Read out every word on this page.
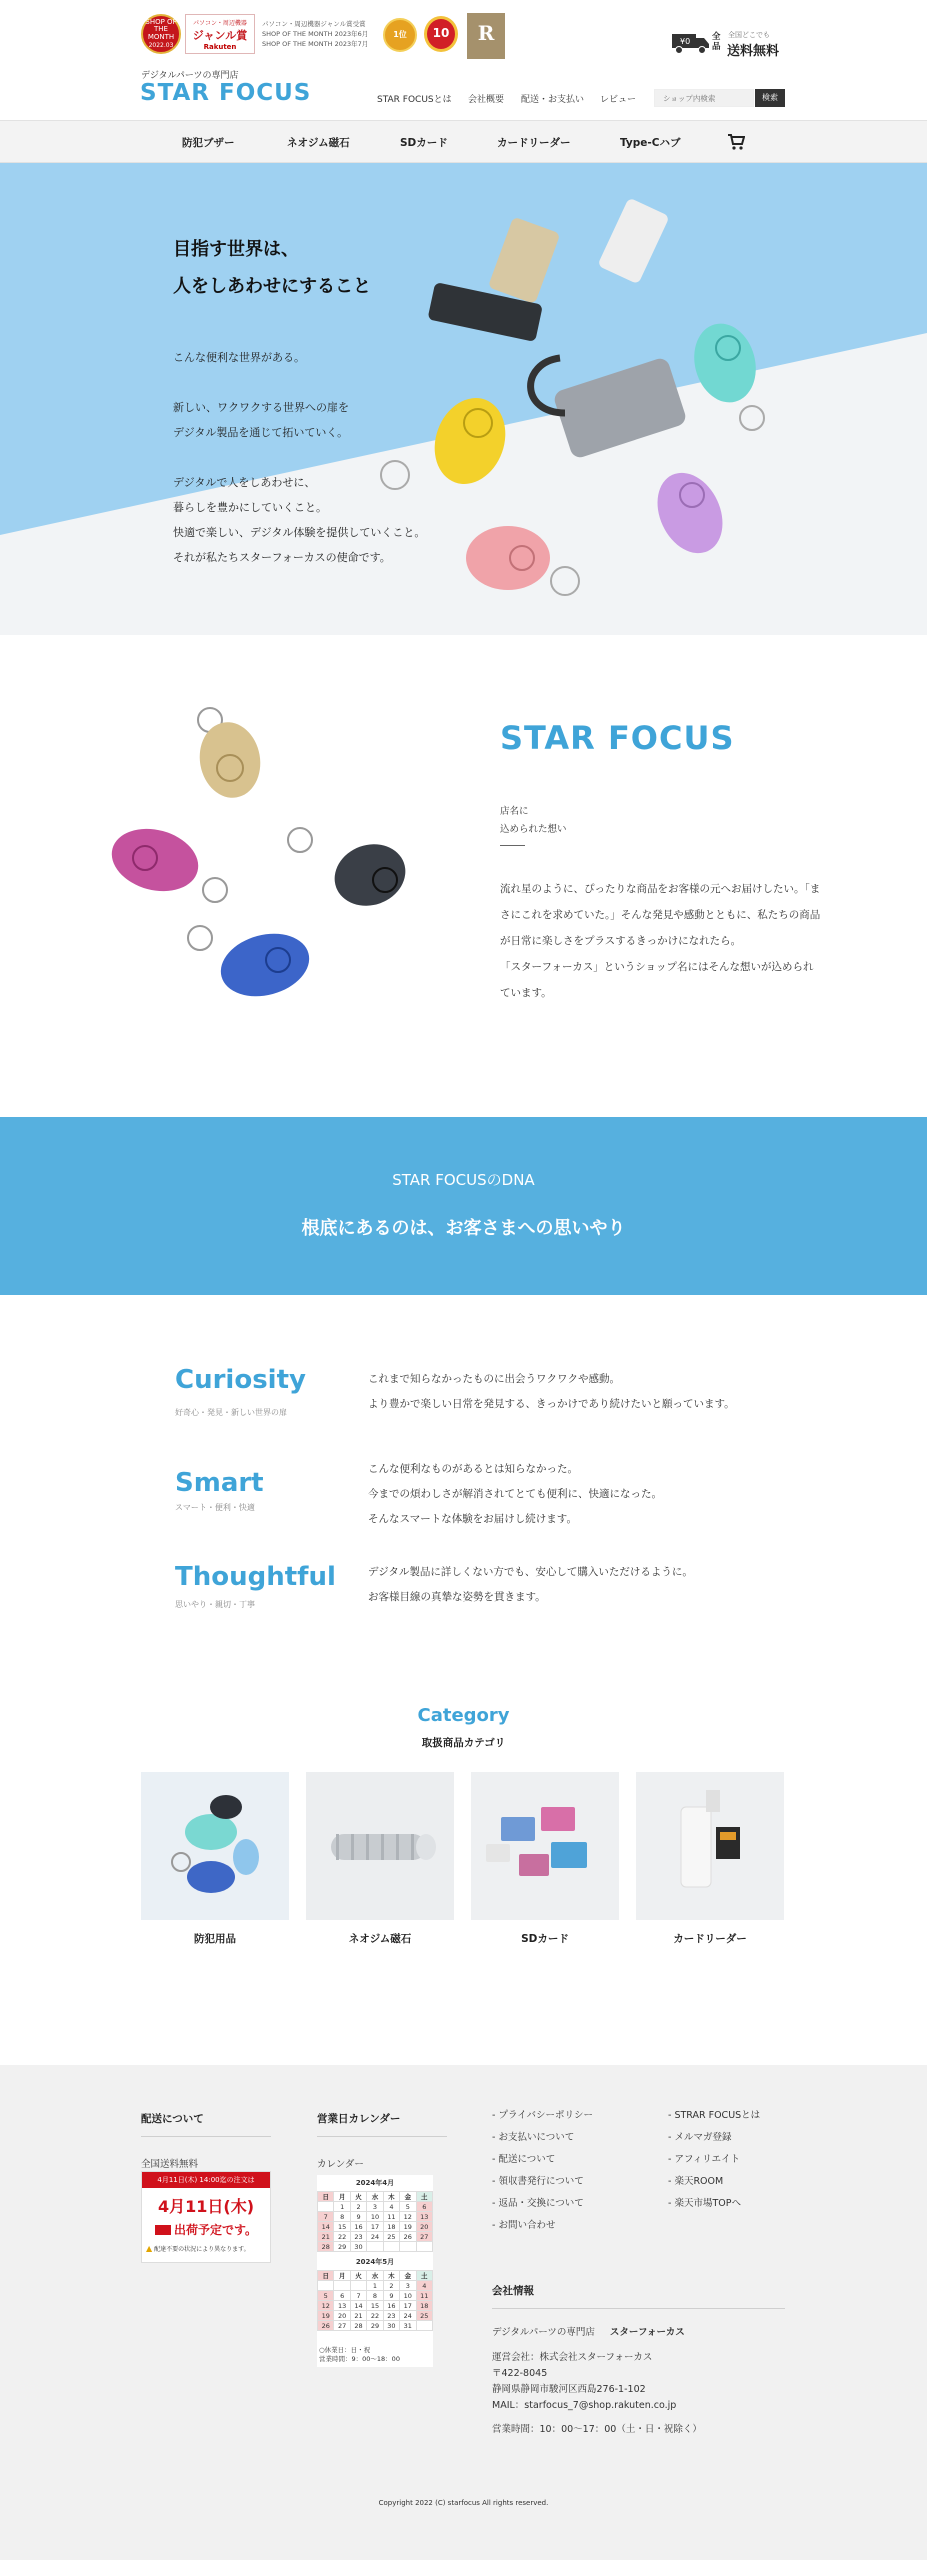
SHOP OF THE MONTH
2022.03
パソコン・周辺機器
ジャンル賞
Rakuten
パソコン・周辺機器ジャンル賞受賞
SHOP OF THE MONTH 2023年6月
SHOP OF THE MONTH 2023年7月
1位 10	R	¥0	全品
全国どこでも
送料無料
デジタルパーツの専門店
STAR FOCUS	STAR FOCUSとは 会社概要 配送・お支払い レビュー
ショップ内検索	検索
防犯ブザー	ネオジム磁石	SDカード	カードリーダー	Type-Cハブ
目指す世界は、
人をしあわせにすること
こんな便利な世界がある。
新しい、ワクワクする世界への扉を
デジタル製品を通じて拓いていく。
デジタルで人をしあわせに、
暮らしを豊かにしていくこと。
快適で楽しい、デジタル体験を提供していくこと。
それが私たちスターフォーカスの使命です。
STAR FOCUS
店名に
込められた想い
流れ星のように、ぴったりな商品をお客様の元へお届けしたい。「ま
さにこれを求めていた。」そんな発見や感動とともに、私たちの商品
が日常に楽しさをプラスするきっかけになれたら。
「スターフォーカス」というショップ名にはそんな想いが込められ
ています。
STAR FOCUSのDNA
根底にあるのは、お客さまへの思いやり
Curiosity
好奇心・発見・新しい世界の扉
これまで知らなかったものに出会うワクワクや感動。
より豊かで楽しい日常を発見する、きっかけであり続けたいと願っています。
Smart
スマート・便利・快適
こんな便利なものがあるとは知らなかった。
今までの煩わしさが解消されてとても便利に、快適になった。
そんなスマートな体験をお届けし続けます。
Thoughtful
思いやり・親切・丁寧
デジタル製品に詳しくない方でも、安心して購入いただけるように。
お客様目線の真摯な姿勢を貫きます。
Category
取扱商品カテゴリ
防犯用品	ネオジム磁石	SDカード	カードリーダー
配送について
全国送料無料
4月11日(木) 14:00迄の注文は
4月11日(木)
出荷予定です。
▲ 配達不要の状況により異なります。
営業日カレンダー
カレンダー
2024年4月
日	月	火	水	木	金	土
	1	2	3	4	5	6
7	8	9	10	11	12	13
14	15	16	17	18	19	20
21	22	23	24	25	26	27
28	29	30				
2024年5月
日	月	火	水	木	金	土
			1	2	3	4
5	6	7	8	9	10	11
12	13	14	15	16	17	18
19	20	21	22	23	24	25
26	27	28	29	30	31	
○休業日：日・祝
営業時間：9：00〜18：00
- プライバシーポリシー
- お支払いについて
- 配送について
- 領収書発行について
- 返品・交換について
- お問い合わせ
- STRAR FOCUSとは
- メルマガ登録
- アフィリエイト
- 楽天ROOM
- 楽天市場TOPへ
会社情報
デジタルパーツの専門店 スターフォーカス
運営会社：株式会社スターフォーカス
〒422-8045
静岡県静岡市駿河区西島276-1-102
MAIL：starfocus_7@shop.rakuten.co.jp
営業時間：10：00〜17：00（土・日・祝除く）
Copyright 2022 (C) starfocus All rights reserved.
